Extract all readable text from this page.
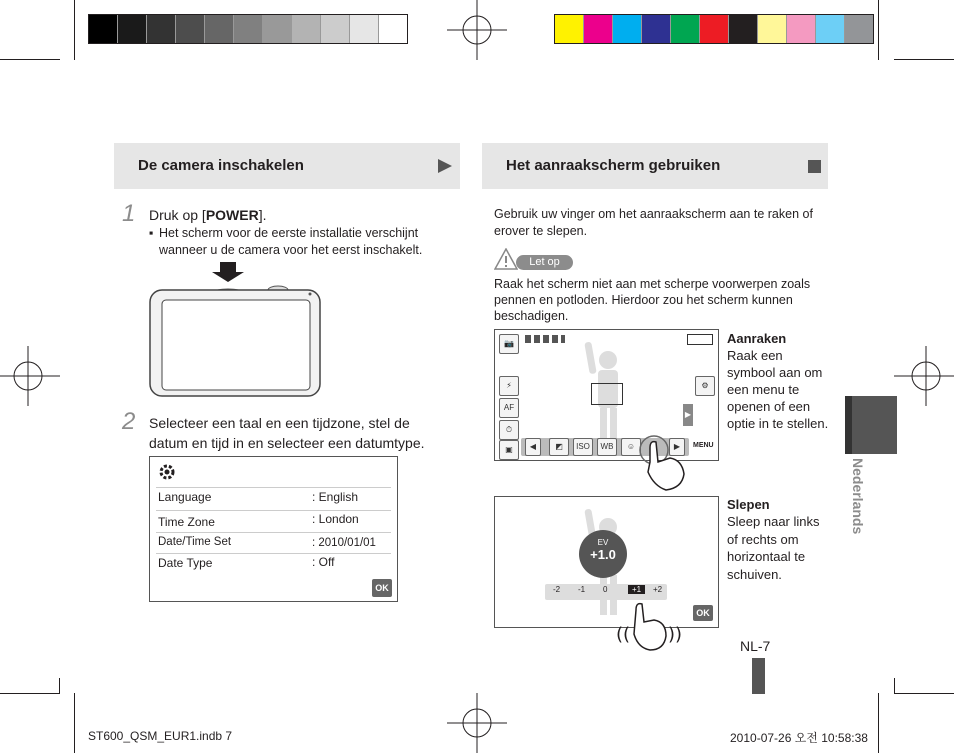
De camera inschakelen
1 Druk op [POWER].
▪ Het scherm voor de eerste installatie verschijnt wanneer u de camera voor het eerst inschakelt.
2 Selecteer een taal en een tijdzone, stel de datum en tijd in en selecteer een datumtype.
Language	: English
Time Zone	: London
Date/Time Set	: 2010/01/01
Date Type	: Off
OK
Het aanraakscherm gebruiken
Gebruik uw vinger om het aanraakscherm aan te raken of erover te slepen.
Let op
Raak het scherm niet aan met scherpe voorwerpen zoals pennen en potloden. Hierdoor zou het scherm kunnen beschadigen.
📷
⚡
AF
⏱
▣
⚙
▶
◀	◩	ISO	WB	☺	▶	MENU
Aanraken
Raak een symbool aan om een menu te openen of een optie in te stellen.
EV
+1.0
-2 -1 0	+1	+2
OK
(( ))
Slepen
Sleep naar links of rechts om horizontaal te schuiven.
Nederlands
NL-7
ST600_QSM_EUR1.indb 7	2010-07-26 오전 10:58:38
